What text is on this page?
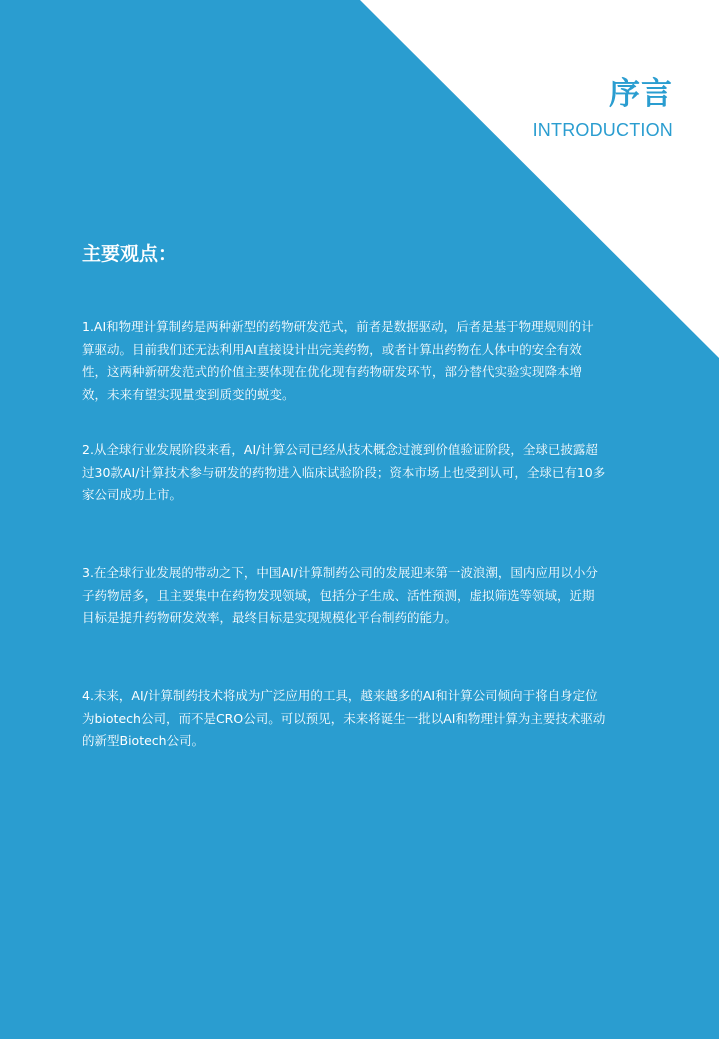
序言
INTRODUCTION
主要观点：
1.AI和物理计算制药是两种新型的药物研发范式，前者是数据驱动，后者是基于物理规则的计算驱动。目前我们还无法利用AI直接设计出完美药物，或者计算出药物在人体中的安全有效性，这两种新研发范式的价值主要体现在优化现有药物研发环节，部分替代实验实现降本增效，未来有望实现量变到质变的蜕变。
2.从全球行业发展阶段来看，AI/计算公司已经从技术概念过渡到价值验证阶段，全球已披露超过30款AI/计算技术参与研发的药物进入临床试验阶段；资本市场上也受到认可，全球已有10多家公司成功上市。
3.在全球行业发展的带动之下，中国AI/计算制药公司的发展迎来第一波浪潮，国内应用以小分子药物居多，且主要集中在药物发现领域，包括分子生成、活性预测，虚拟筛选等领域，近期目标是提升药物研发效率，最终目标是实现规模化平台制药的能力。
4.未来，AI/计算制药技术将成为广泛应用的工具，越来越多的AI和计算公司倾向于将自身定位为biotech公司，而不是CRO公司。可以预见，未来将诞生一批以AI和物理计算为主要技术驱动的新型Biotech公司。
